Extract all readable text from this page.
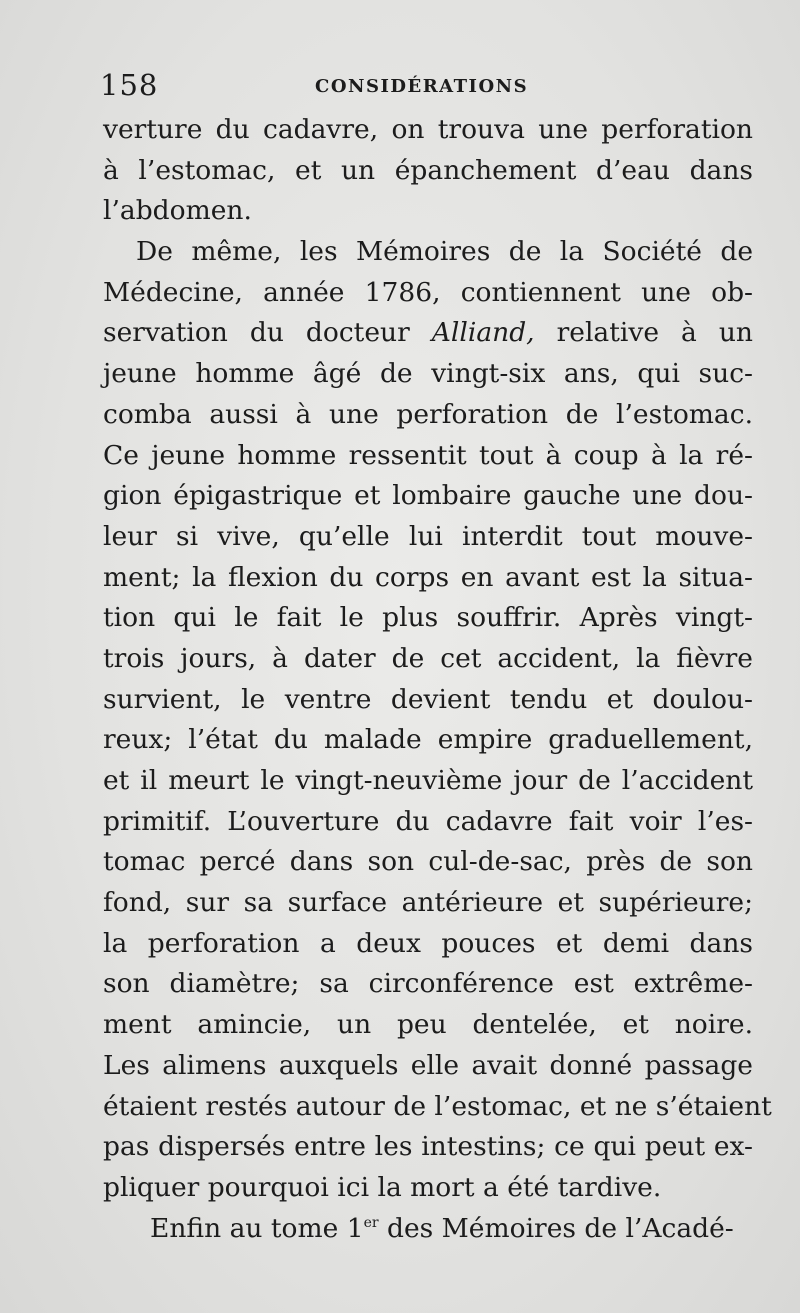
158	CONSIDÉRATIONS
verture du cadavre, on trouva une perforation
à l’estomac, et un épanchement d’eau dans
l’abdomen.
De même, les Mémoires de la Société de
Médecine, année 1786, contiennent une ob-
servation du docteur Alliand, relative à un
jeune homme âgé de vingt-six ans, qui suc-
comba aussi à une perforation de l’estomac.
Ce jeune homme ressentit tout à coup à la ré-
gion épigastrique et lombaire gauche une dou-
leur si vive, qu’elle lui interdit tout mouve-
ment; la flexion du corps en avant est la situa-
tion qui le fait le plus souffrir. Après vingt-
trois jours, à dater de cet accident, la fièvre
survient, le ventre devient tendu et doulou-
reux; l’état du malade empire graduellement,
et il meurt le vingt-neuvième jour de l’accident
primitif. L’ouverture du cadavre fait voir l’es-
tomac percé dans son cul-de-sac, près de son
fond, sur sa surface antérieure et supérieure;
la perforation a deux pouces et demi dans
son diamètre; sa circonférence est extrême-
ment amincie, un peu dentelée, et noire.
Les alimens auxquels elle avait donné passage
étaient restés autour de l’estomac, et ne s’étaient
pas dispersés entre les intestins; ce qui peut ex-
pliquer pourquoi ici la mort a été tardive.
Enfin au tome 1er des Mémoires de l’Acadé-
